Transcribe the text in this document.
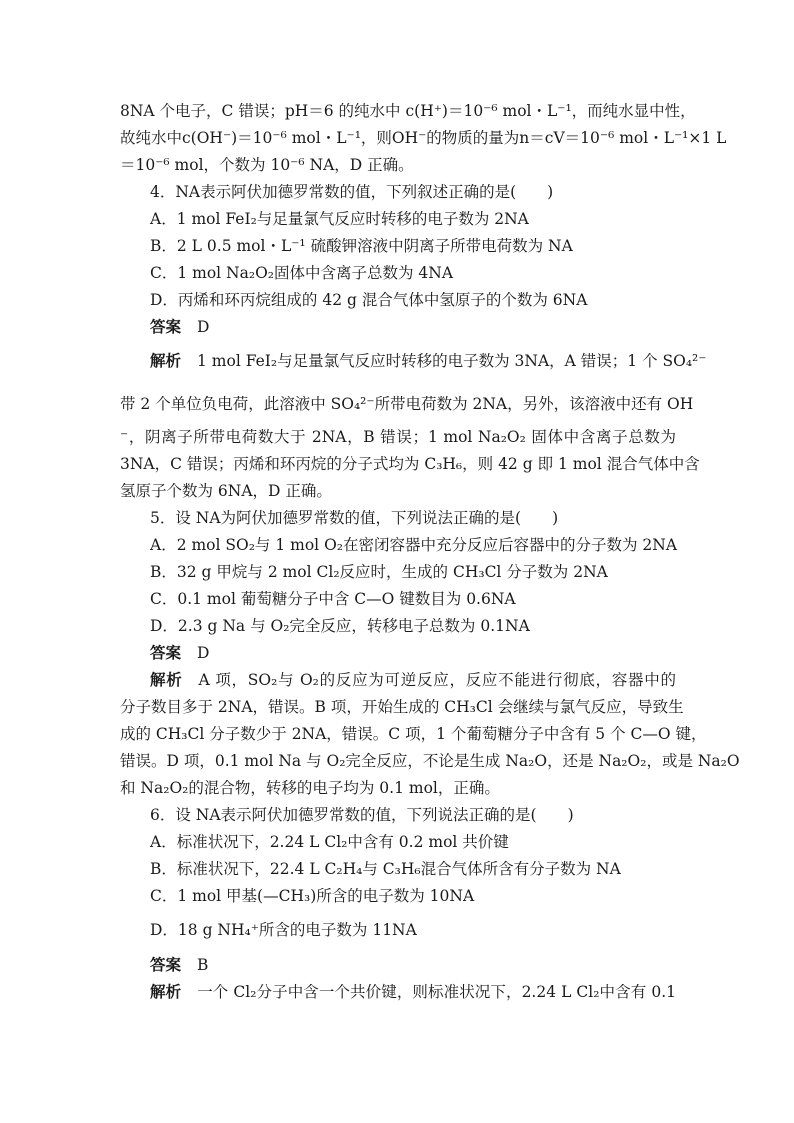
8NA 个电子，C 错误；pH＝6 的纯水中 c(H⁺)＝10⁻⁶ mol・L⁻¹，而纯水显中性，
故纯水中c(OH⁻)＝10⁻⁶ mol・L⁻¹，则OH⁻的物质的量为n＝cV＝10⁻⁶ mol・L⁻¹×1 L
＝10⁻⁶ mol，个数为 10⁻⁶ NA，D 正确。
4．NA表示阿伏加德罗常数的值，下列叙述正确的是(　　)
A．1 mol FeI₂与足量氯气反应时转移的电子数为 2NA
B．2 L 0.5 mol・L⁻¹ 硫酸钾溶液中阴离子所带电荷数为 NA
C．1 mol Na₂O₂固体中含离子总数为 4NA
D．丙烯和环丙烷组成的 42 g 混合气体中氢原子的个数为 6NA
答案 D
解析 1 mol FeI₂与足量氯气反应时转移的电子数为 3NA，A 错误；1 个 SO₄²⁻
带 2 个单位负电荷，此溶液中 SO₄²⁻所带电荷数为 2NA，另外，该溶液中还有 OH
⁻，阴离子所带电荷数大于 2NA，B 错误；1 mol Na₂O₂ 固体中含离子总数为
3NA，C 错误；丙烯和环丙烷的分子式均为 C₃H₆，则 42 g 即 1 mol 混合气体中含
氢原子个数为 6NA，D 正确。
5．设 NA为阿伏加德罗常数的值，下列说法正确的是(　　)
A．2 mol SO₂与 1 mol O₂在密闭容器中充分反应后容器中的分子数为 2NA
B．32 g 甲烷与 2 mol Cl₂反应时，生成的 CH₃Cl 分子数为 2NA
C．0.1 mol 葡萄糖分子中含 C—O 键数目为 0.6NA
D．2.3 g Na 与 O₂完全反应，转移电子总数为 0.1NA
答案 D
解析 A 项，SO₂与 O₂的反应为可逆反应，反应不能进行彻底，容器中的
分子数目多于 2NA，错误。B 项，开始生成的 CH₃Cl 会继续与氯气反应，导致生
成的 CH₃Cl 分子数少于 2NA，错误。C 项，1 个葡萄糖分子中含有 5 个 C—O 键，
错误。D 项，0.1 mol Na 与 O₂完全反应，不论是生成 Na₂O，还是 Na₂O₂，或是 Na₂O
和 Na₂O₂的混合物，转移的电子均为 0.1 mol，正确。
6．设 NA表示阿伏加德罗常数的值，下列说法正确的是(　　)
A．标准状况下，2.24 L Cl₂中含有 0.2 mol 共价键
B．标准状况下，22.4 L C₂H₄与 C₃H₆混合气体所含有分子数为 NA
C．1 mol 甲基(—CH₃)所含的电子数为 10NA
D．18 g NH₄⁺所含的电子数为 11NA
答案 B
解析 一个 Cl₂分子中含一个共价键，则标准状况下，2.24 L Cl₂中含有 0.1
